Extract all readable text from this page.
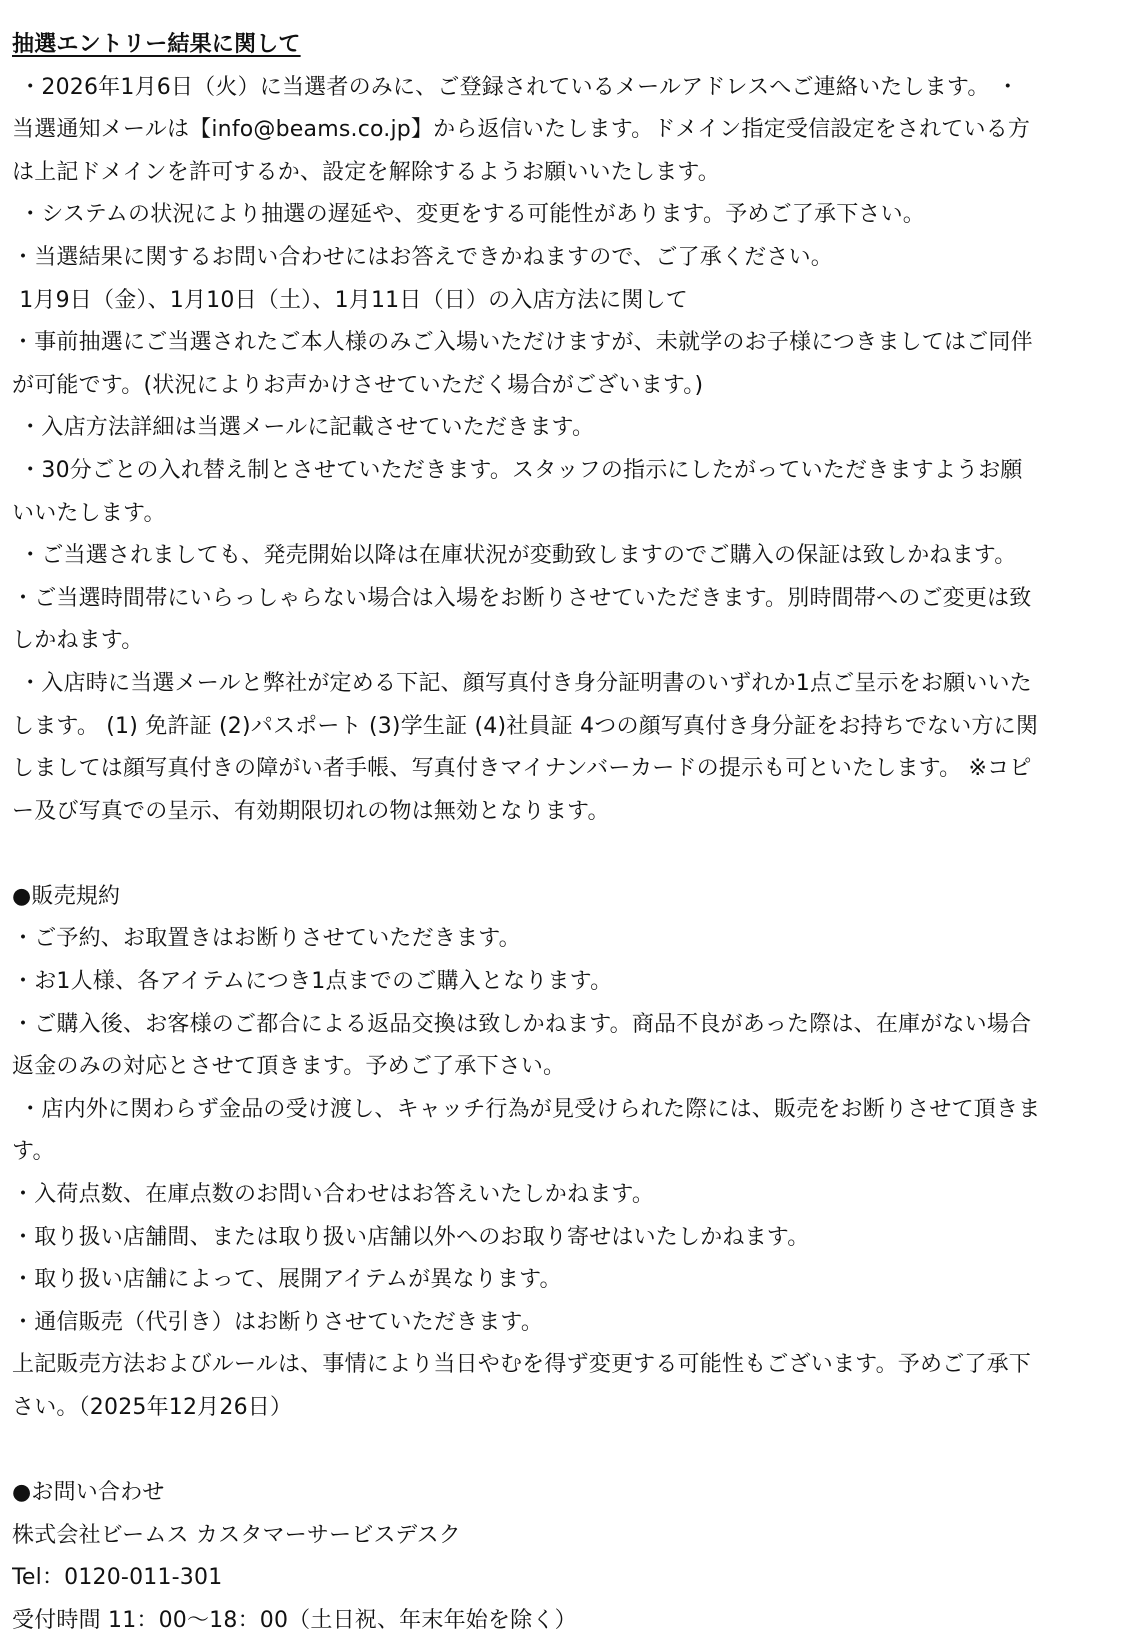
抽選エントリー結果に関して
・2026年1月6日（火）に当選者のみに、ご登録されているメールアドレスへご連絡いたします。 ・
当選通知メールは【info@beams.co.jp】から返信いたします。ドメイン指定受信設定をされている方
は上記ドメインを許可するか、設定を解除するようお願いいたします。
・システムの状況により抽選の遅延や、変更をする可能性があります。予めご了承下さい。
・当選結果に関するお問い合わせにはお答えできかねますので、ご了承ください。
1月9日（金）、1月10日（土）、1月11日（日）の入店方法に関して
・事前抽選にご当選されたご本人様のみご入場いただけますが、未就学のお子様につきましてはご同伴
が可能です。(状況によりお声かけさせていただく場合がございます。)
・入店方法詳細は当選メールに記載させていただきます。
・30分ごとの入れ替え制とさせていただきます。スタッフの指示にしたがっていただきますようお願
いいたします。
・ご当選されましても、発売開始以降は在庫状況が変動致しますのでご購入の保証は致しかねます。
・ご当選時間帯にいらっしゃらない場合は入場をお断りさせていただきます。別時間帯へのご変更は致
しかねます。
・入店時に当選メールと弊社が定める下記、顔写真付き身分証明書のいずれか1点ご呈示をお願いいた
します。 (1) 免許証 (2)パスポート (3)学生証 (4)社員証 4つの顔写真付き身分証をお持ちでない方に関
しましては顔写真付きの障がい者手帳、写真付きマイナンバーカードの提示も可といたします。 ※コピ
ー及び写真での呈示、有効期限切れの物は無効となります。
●販売規約
・ご予約、お取置きはお断りさせていただきます。
・お1人様、各アイテムにつき1点までのご購入となります。
・ご購入後、お客様のご都合による返品交換は致しかねます。商品不良があった際は、在庫がない場合
返金のみの対応とさせて頂きます。予めご了承下さい。
・店内外に関わらず金品の受け渡し、キャッチ行為が見受けられた際には、販売をお断りさせて頂きま
す。
・入荷点数、在庫点数のお問い合わせはお答えいたしかねます。
・取り扱い店舗間、または取り扱い店舗以外へのお取り寄せはいたしかねます。
・取り扱い店舗によって、展開アイテムが異なります。
・通信販売（代引き）はお断りさせていただきます。
上記販売方法およびルールは、事情により当日やむを得ず変更する可能性もございます。予めご了承下
さい。（2025年12月26日）
●お問い合わせ
株式会社ビームス カスタマーサービスデスク
Tel：0120-011-301
受付時間 11：00〜18：00（土日祝、年末年始を除く）
